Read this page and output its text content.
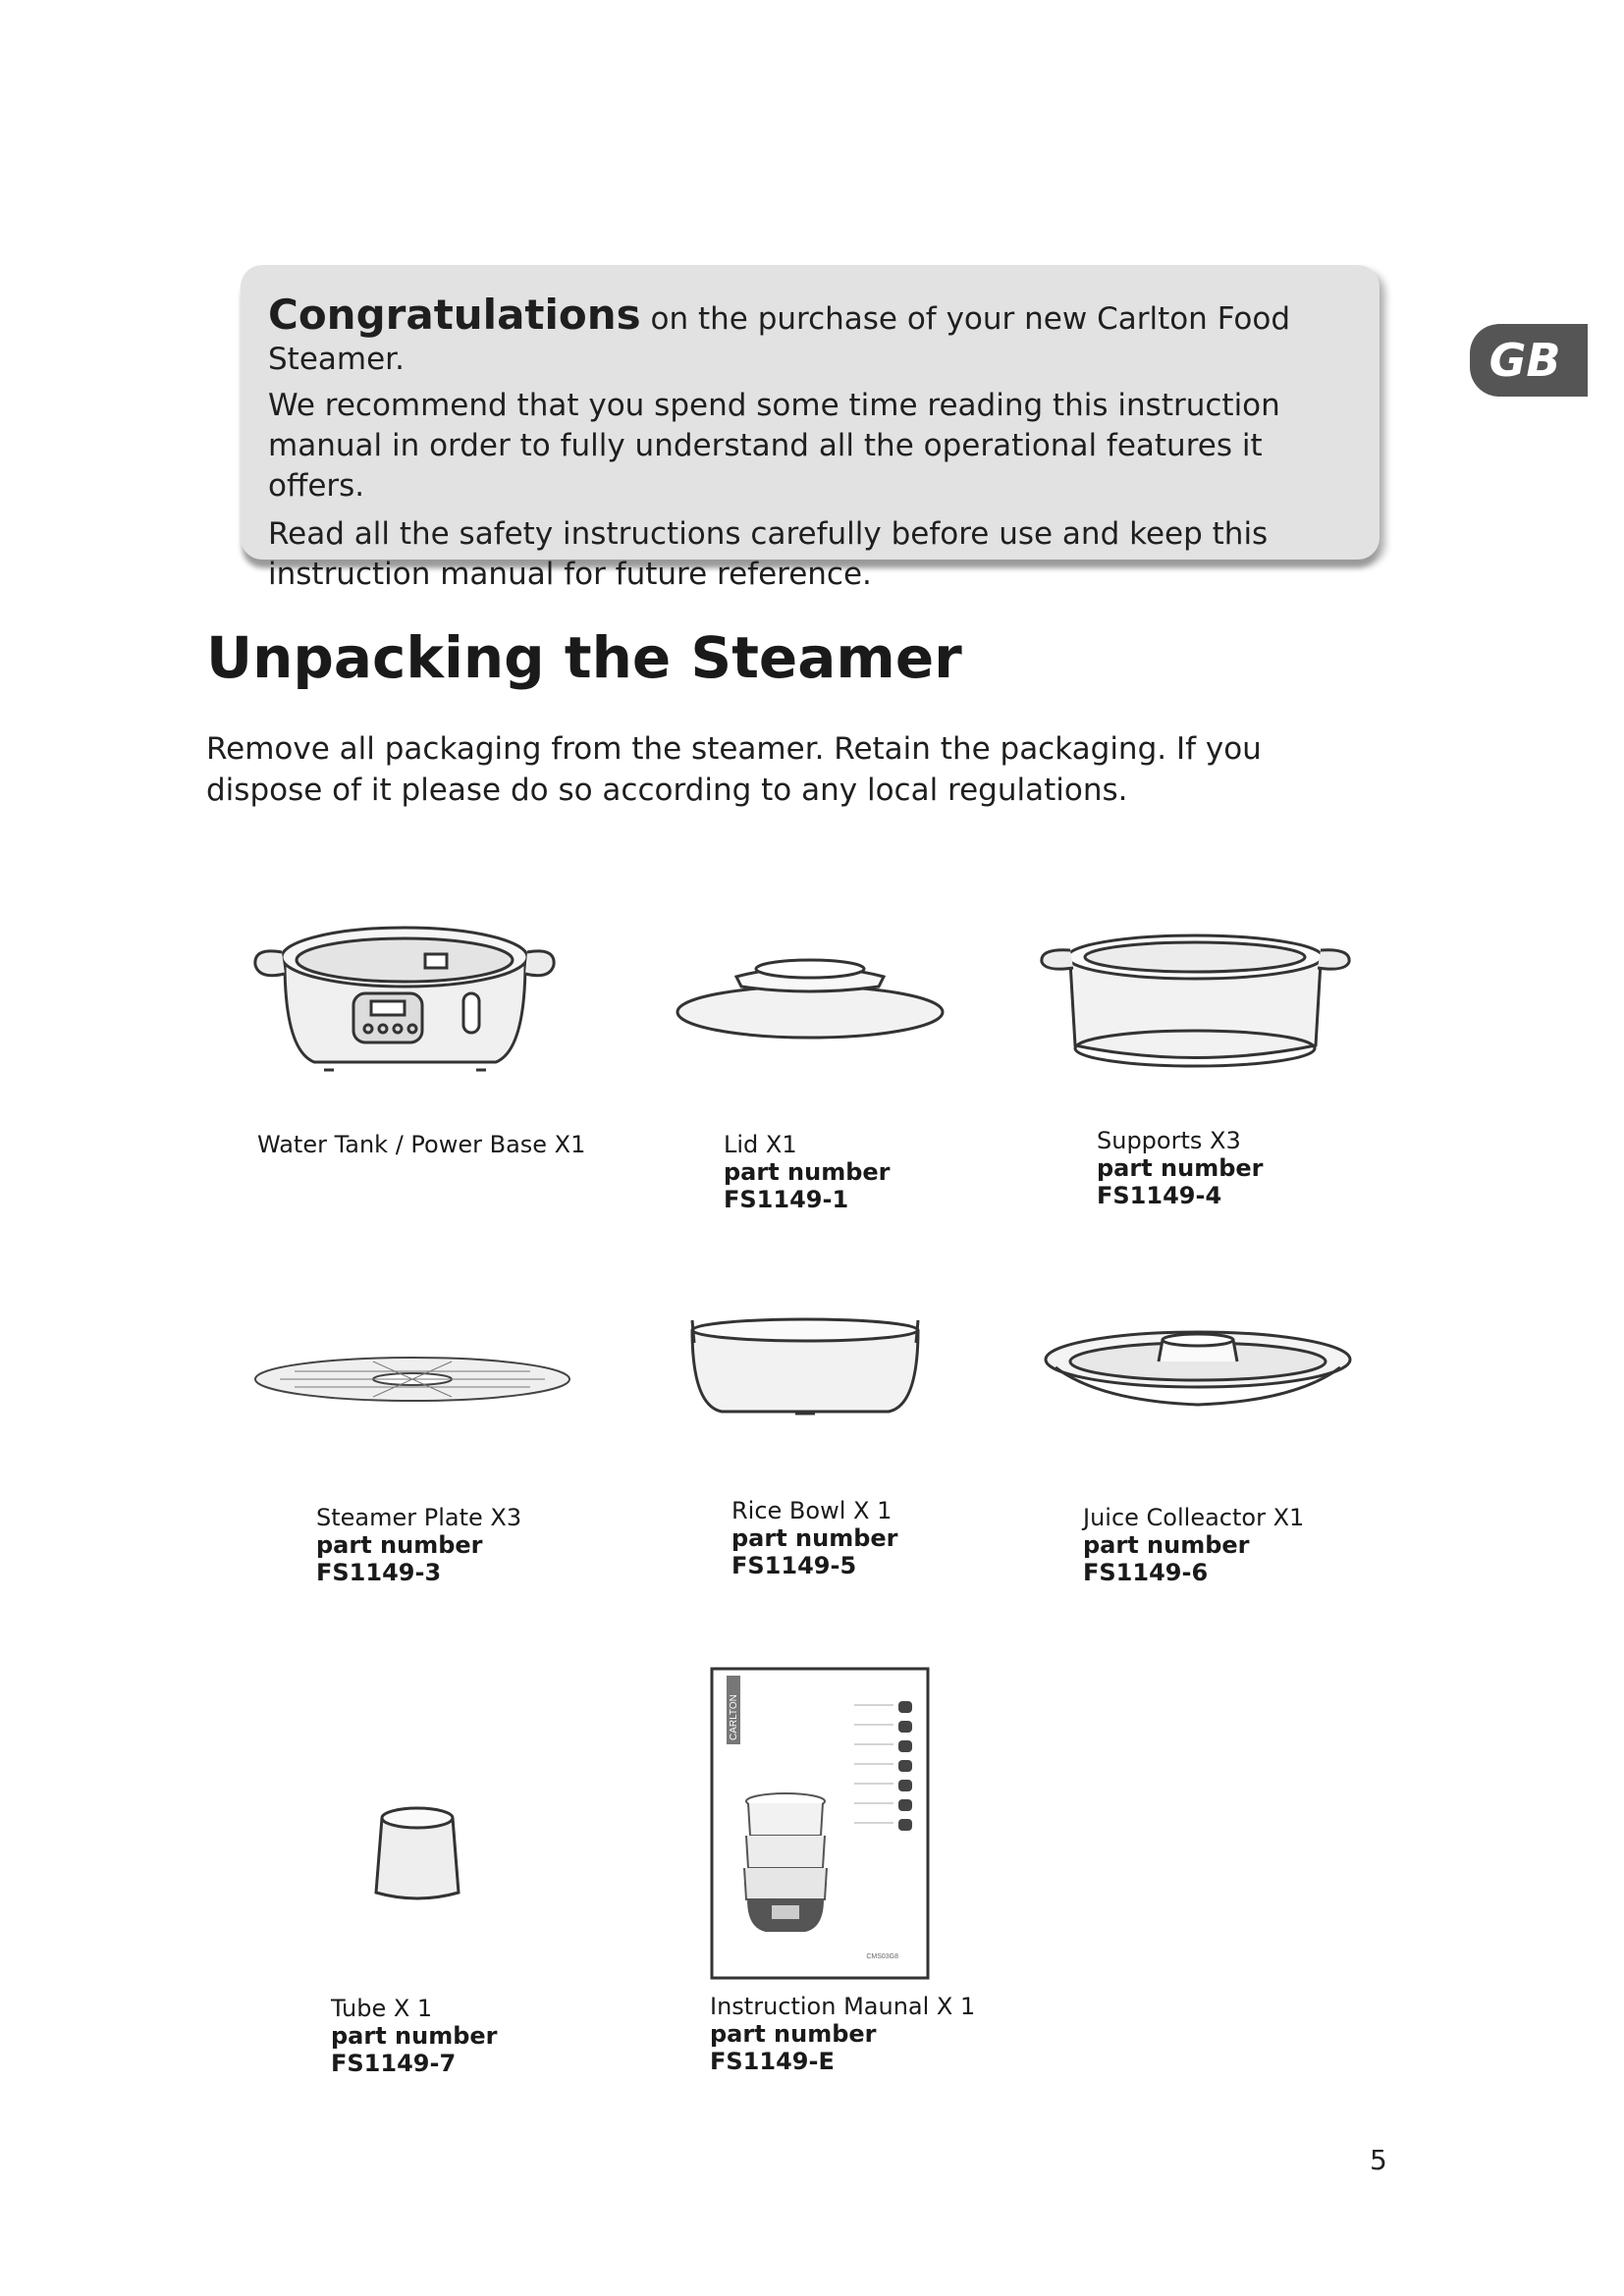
Congratulations on the purchase of your new Carlton Food Steamer.

We recommend that you spend some time reading this instruction manual in order to fully understand all the operational features it offers.

Read all the safety instructions carefully before use and keep this instruction manual for future reference.

GB
Unpacking the Steamer

Remove all packaging from the steamer. Retain the packaging. If you dispose of it please do so according to any local regulations.

CARLTON
CMS03G8
Water Tank / Power Base X1	Lid X1
part number
FS1149-1
Supports X3
part number
FS1149-4
Steamer Plate X3
part number
FS1149-3
Rice Bowl X 1
part number
FS1149-5
Juice Colleactor X1
part number
FS1149-6
Tube X 1
part number
FS1149-7
Instruction Maunal X 1
part number
FS1149-E
5
